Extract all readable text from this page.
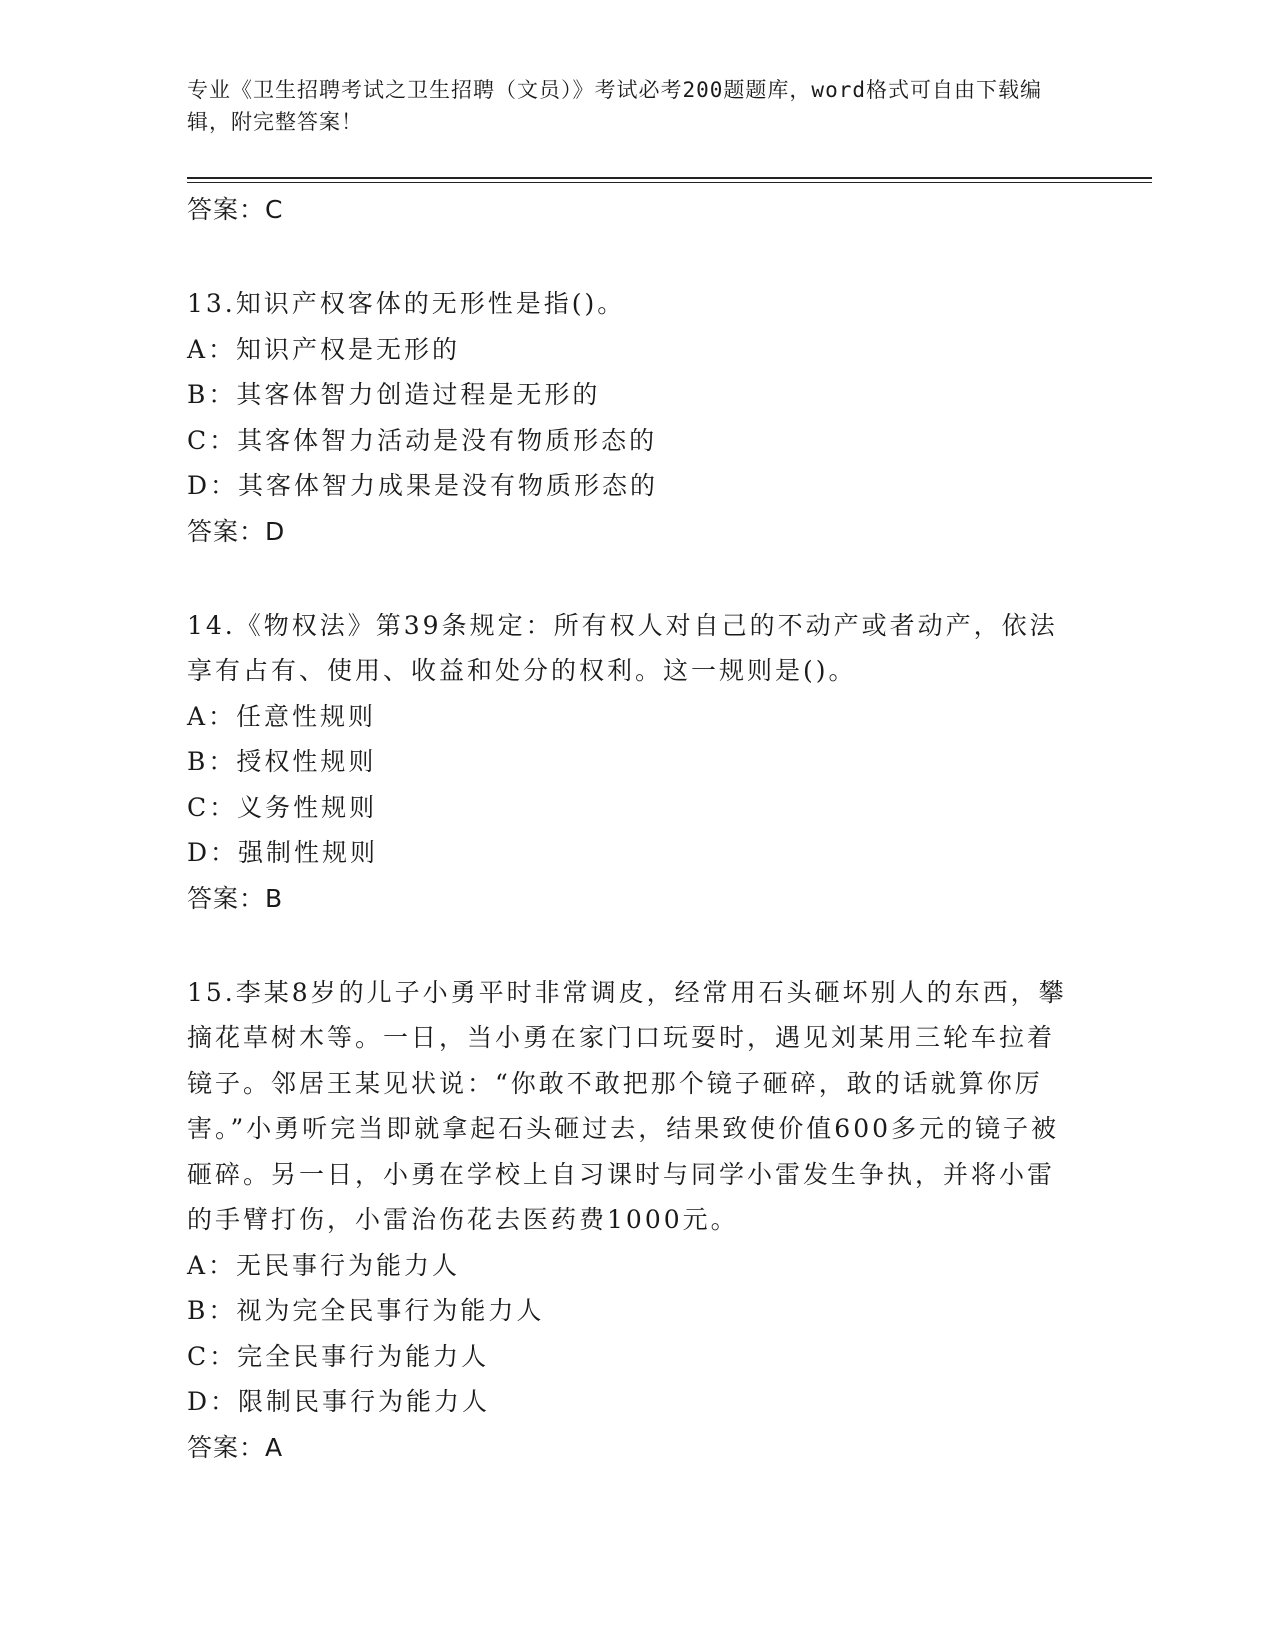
专业《卫生招聘考试之卫生招聘（文员）》考试必考200题题库，word格式可自由下载编辑，附完整答案！
答案：C
13.知识产权客体的无形性是指()。
A：知识产权是无形的
B：其客体智力创造过程是无形的
C：其客体智力活动是没有物质形态的
D：其客体智力成果是没有物质形态的
答案：D
14.《物权法》第39条规定：所有权人对自己的不动产或者动产，依法享有占有、使用、收益和处分的权利。这一规则是()。
A：任意性规则
B：授权性规则
C：义务性规则
D：强制性规则
答案：B
15.李某8岁的儿子小勇平时非常调皮，经常用石头砸坏别人的东西，攀摘花草树木等。一日，当小勇在家门口玩耍时，遇见刘某用三轮车拉着镜子。邻居王某见状说：“你敢不敢把那个镜子砸碎，敢的话就算你厉害。”小勇听完当即就拿起石头砸过去，结果致使价值600多元的镜子被砸碎。另一日，小勇在学校上自习课时与同学小雷发生争执，并将小雷的手臂打伤，小雷治伤花去医药费1000元。
A：无民事行为能力人
B：视为完全民事行为能力人
C：完全民事行为能力人
D：限制民事行为能力人
答案：A
